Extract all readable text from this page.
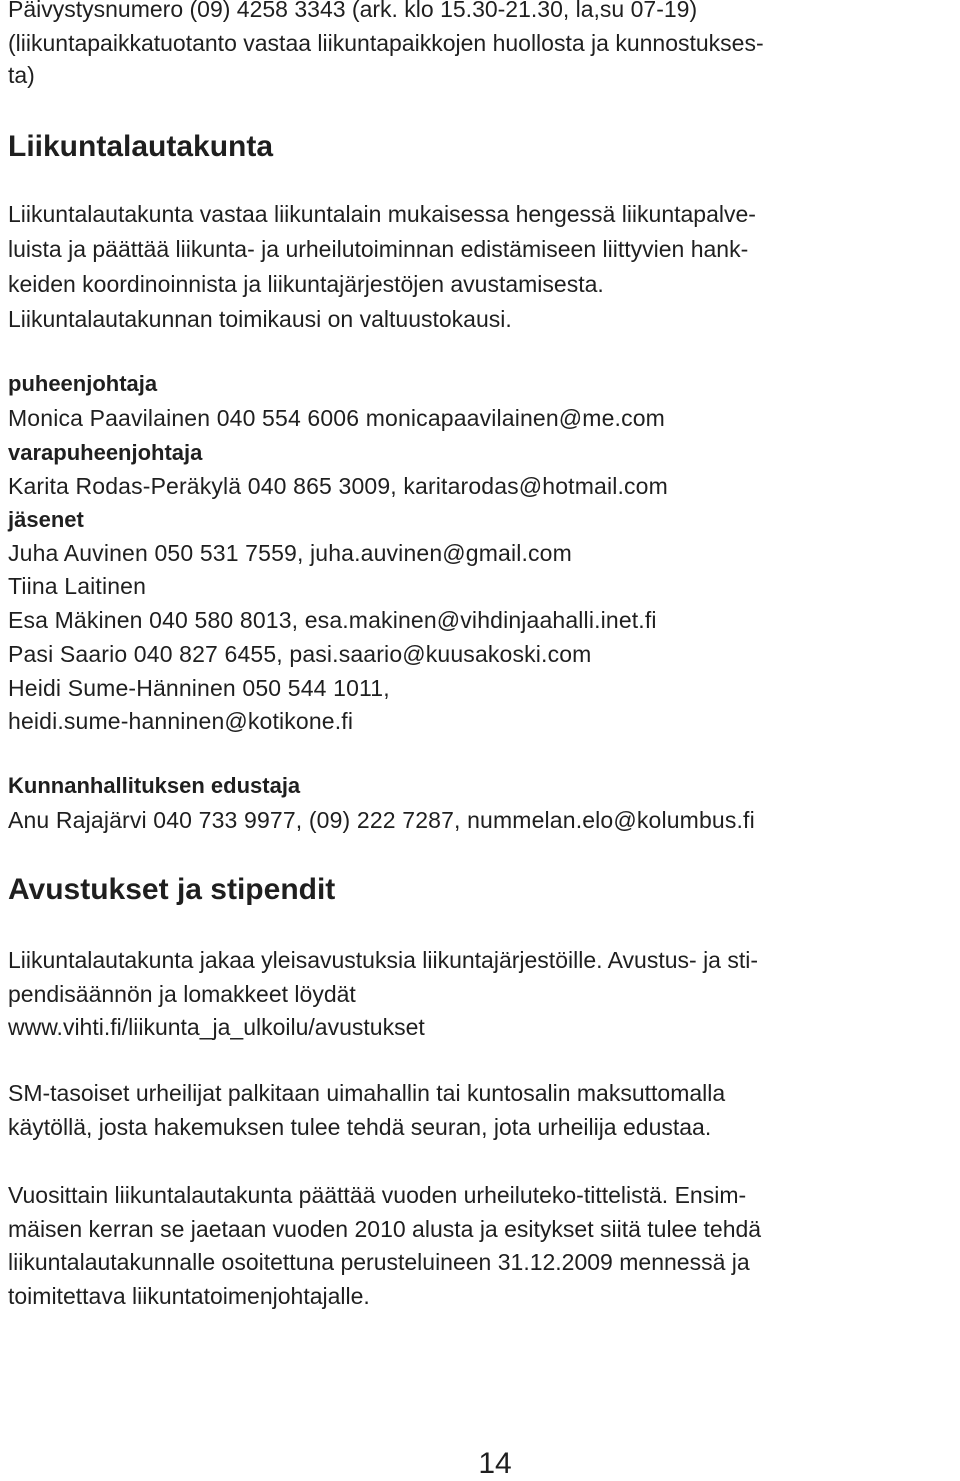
Päivystysnumero (09) 4258 3343 (ark. klo 15.30-21.30, la,su 07-19)
(liikuntapaikkatuotanto vastaa liikuntapaikkojen huollosta ja kunnostukses-
ta)
Liikuntalautakunta
Liikuntalautakunta vastaa liikuntalain mukaisessa hengessä liikuntapalve-
luista ja päättää liikunta- ja urheilutoiminnan edistämiseen liittyvien hank-
keiden koordinoinnista ja liikuntajärjestöjen avustamisesta.
Liikuntalautakunnan toimikausi on valtuustokausi.
puheenjohtaja
Monica Paavilainen 040 554 6006 monicapaavilainen@me.com
varapuheenjohtaja
Karita Rodas-Peräkylä 040 865 3009, karitarodas@hotmail.com
jäsenet
Juha Auvinen 050 531 7559, juha.auvinen@gmail.com
Tiina Laitinen
Esa Mäkinen 040 580 8013, esa.makinen@vihdinjaahalli.inet.fi
Pasi Saario 040 827 6455, pasi.saario@kuusakoski.com
Heidi Sume-Hänninen 050 544 1011,
heidi.sume-hanninen@kotikone.fi
Kunnanhallituksen edustaja
Anu Rajajärvi 040 733 9977, (09) 222 7287, nummelan.elo@kolumbus.fi
Avustukset ja stipendit
Liikuntalautakunta jakaa yleisavustuksia liikuntajärjestöille. Avustus- ja sti-
pendisäännön ja lomakkeet löydät
www.vihti.fi/liikunta_ja_ulkoilu/avustukset
SM-tasoiset urheilijat palkitaan uimahallin tai kuntosalin maksuttomalla
käytöllä, josta hakemuksen tulee tehdä seuran, jota urheilija edustaa.
Vuosittain liikuntalautakunta päättää vuoden urheiluteko-tittelistä. Ensim-
mäisen kerran se jaetaan vuoden 2010 alusta ja esitykset siitä tulee tehdä
liikuntalautakunnalle osoitettuna perusteluineen 31.12.2009 mennessä ja
toimitettava liikuntatoimenjohtajalle.
14
